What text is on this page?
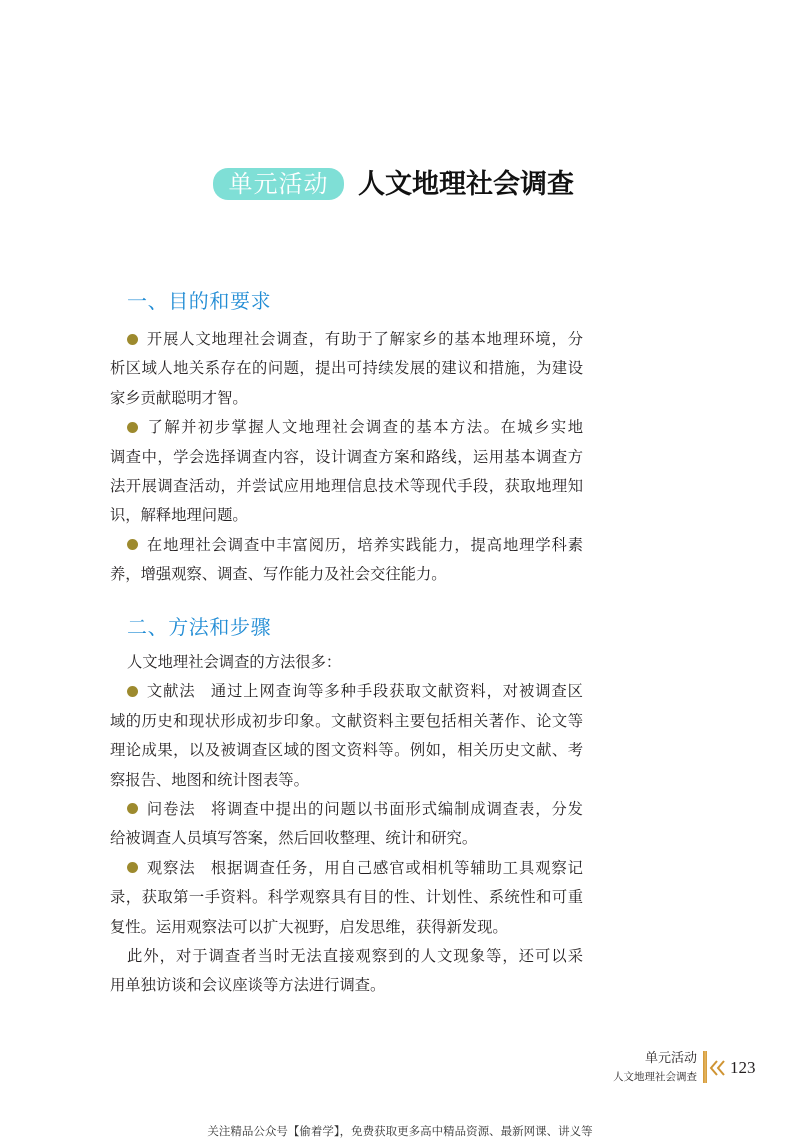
单元活动	人文地理社会调查
一、目的和要求
开展人文地理社会调查，有助于了解家乡的基本地理环境，分
析区域人地关系存在的问题，提出可持续发展的建议和措施，为建设
家乡贡献聪明才智。
了解并初步掌握人文地理社会调查的基本方法。在城乡实地
调查中，学会选择调查内容，设计调查方案和路线，运用基本调查方
法开展调查活动，并尝试应用地理信息技术等现代手段，获取地理知
识，解释地理问题。
在地理社会调查中丰富阅历，培养实践能力，提高地理学科素
养，增强观察、调查、写作能力及社会交往能力。
二、方法和步骤
人文地理社会调查的方法很多：
文献法 通过上网查询等多种手段获取文献资料，对被调查区
域的历史和现状形成初步印象。文献资料主要包括相关著作、论文等
理论成果，以及被调查区域的图文资料等。例如，相关历史文献、考
察报告、地图和统计图表等。
问卷法 将调查中提出的问题以书面形式编制成调查表，分发
给被调查人员填写答案，然后回收整理、统计和研究。
观察法 根据调查任务，用自己感官或相机等辅助工具观察记
录，获取第一手资料。科学观察具有目的性、计划性、系统性和可重
复性。运用观察法可以扩大视野，启发思维，获得新发现。
此外，对于调查者当时无法直接观察到的人文现象等，还可以采
用单独访谈和会议座谈等方法进行调查。
单元活动
人文地理社会调查 123
关注精品公众号【偷着学】，免费获取更多高中精品资源、最新网课、讲义等
